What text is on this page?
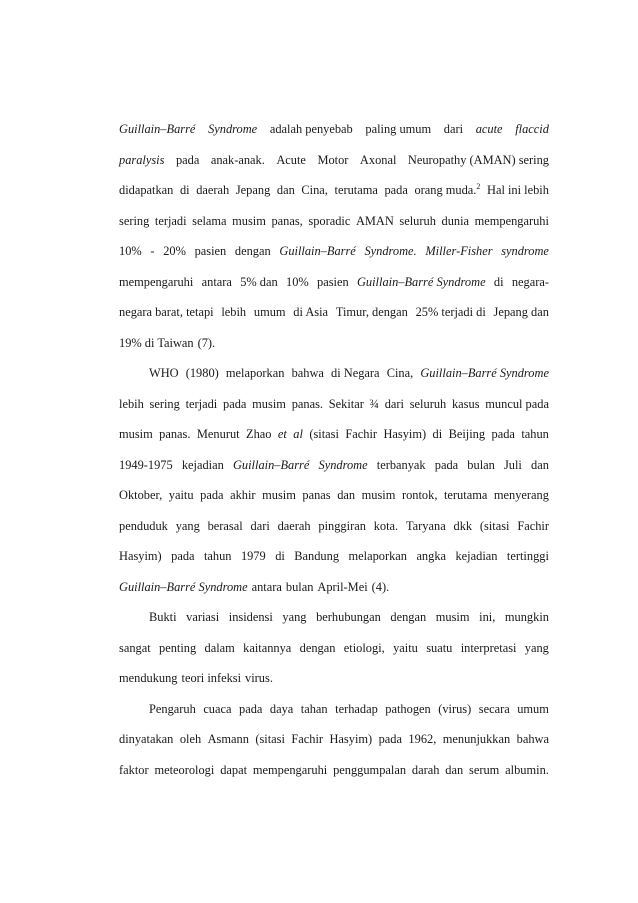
Guillain–Barré Syndrome adalah penyebab paling umum dari acute flaccid
paralysis pada anak-anak. Acute Motor Axonal Neuropathy (AMAN) sering
didapatkan di daerah Jepang dan Cina, terutama pada orang muda.$^2$ Hal ini lebih
sering terjadi selama musim panas, sporadic AMAN seluruh dunia mempengaruhi
10% - 20% pasien dengan Guillain–Barré Syndrome. Miller-Fisher syndrome
mempengaruhi antara 5% dan 10% pasien Guillain–Barré Syndrome di negara-
negara barat, tetapi lebih umum di Asia Timur, dengan 25% terjadi di Jepang dan
19% di Taiwan (7).
WHO (1980) melaporkan bahwa di Negara Cina, Guillain–Barré Syndrome
lebih sering terjadi pada musim panas. Sekitar ¾ dari seluruh kasus muncul pada
musim panas. Menurut Zhao et al (sitasi Fachir Hasyim) di Beijing pada tahun
1949-1975 kejadian Guillain–Barré Syndrome terbanyak pada bulan Juli dan
Oktober, yaitu pada akhir musim panas dan musim rontok, terutama menyerang
penduduk yang berasal dari daerah pinggiran kota. Taryana dkk (sitasi Fachir
Hasyim) pada tahun 1979 di Bandung melaporkan angka kejadian tertinggi
Guillain–Barré Syndrome antara bulan April-Mei (4).
Bukti variasi insidensi yang berhubungan dengan musim ini, mungkin
sangat penting dalam kaitannya dengan etiologi, yaitu suatu interpretasi yang
mendukung teori infeksi virus.
Pengaruh cuaca pada daya tahan terhadap pathogen (virus) secara umum
dinyatakan oleh Asmann (sitasi Fachir Hasyim) pada 1962, menunjukkan bahwa
faktor meteorologi dapat mempengaruhi penggumpalan darah dan serum albumin.
